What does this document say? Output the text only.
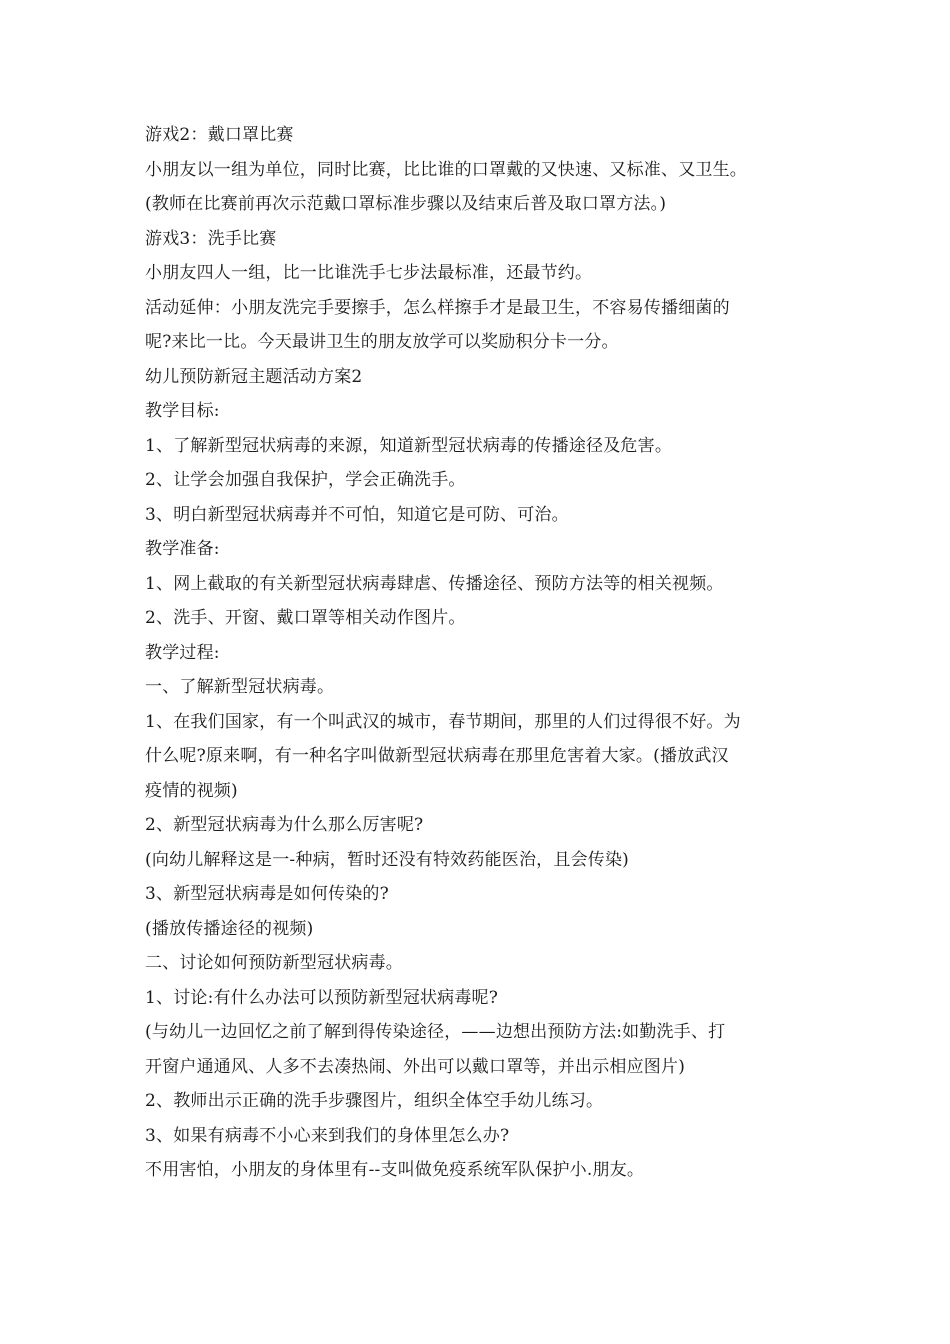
游戏2：戴口罩比赛
小朋友以一组为单位，同时比赛，比比谁的口罩戴的又快速、又标准、又卫生。
(教师在比赛前再次示范戴口罩标准步骤以及结束后普及取口罩方法。)
游戏3：洗手比赛
小朋友四人一组，比一比谁洗手七步法最标准，还最节约。
活动延伸：小朋友洗完手要擦手，怎么样擦手才是最卫生，不容易传播细菌的
呢?来比一比。今天最讲卫生的朋友放学可以奖励积分卡一分。
幼儿预防新冠主题活动方案2
教学目标:
1、了解新型冠状病毒的来源，知道新型冠状病毒的传播途径及危害。
2、让学会加强自我保护，学会正确洗手。
3、明白新型冠状病毒并不可怕，知道它是可防、可治。
教学准备:
1、网上截取的有关新型冠状病毒肆虐、传播途径、预防方法等的相关视频。
2、洗手、开窗、戴口罩等相关动作图片。
教学过程:
一、了解新型冠状病毒。
1、在我们国家，有一个叫武汉的城市，春节期间，那里的人们过得很不好。为
什么呢?原来啊，有一种名字叫做新型冠状病毒在那里危害着大家。(播放武汉
疫情的视频)
2、新型冠状病毒为什么那么厉害呢?
(向幼儿解释这是一-种病，暂时还没有特效药能医治，且会传染)
3、新型冠状病毒是如何传染的?
(播放传播途径的视频)
二、讨论如何预防新型冠状病毒。
1、讨论:有什么办法可以预防新型冠状病毒呢?
(与幼儿一边回忆之前了解到得传染途径，——边想出预防方法:如勤洗手、打
开窗户通通风、人多不去凑热闹、外出可以戴口罩等，并出示相应图片)
2、教师出示正确的洗手步骤图片，组织全体空手幼儿练习。
3、如果有病毒不小心来到我们的身体里怎么办?
不用害怕，小朋友的身体里有--支叫做免疫系统军队保护小.朋友。
